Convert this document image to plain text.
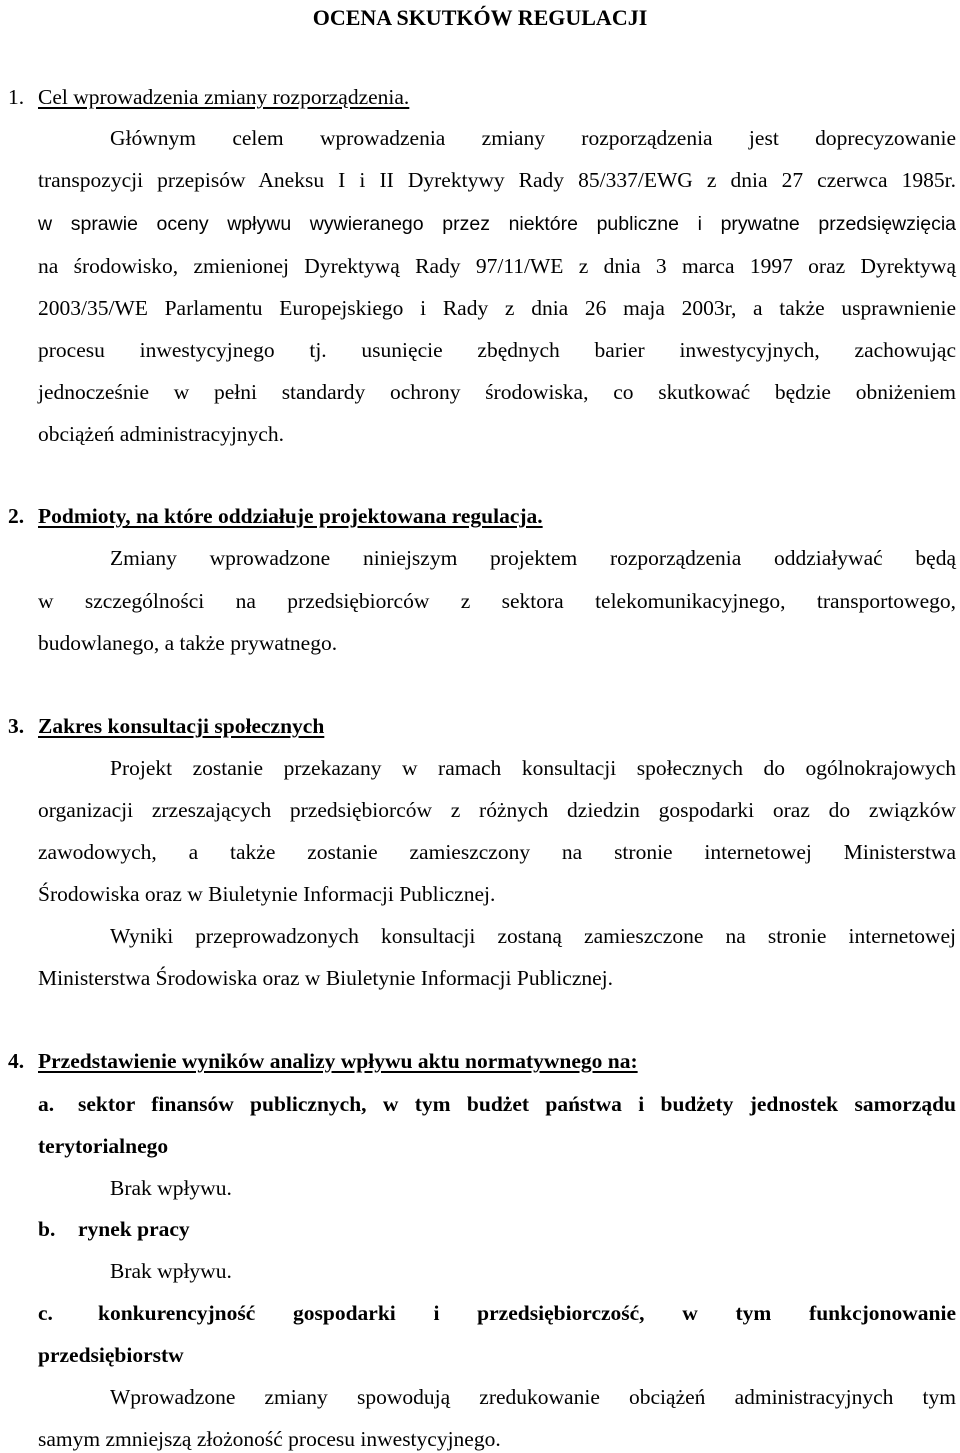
OCENA SKUTKÓW REGULACJI
1. Cel wprowadzenia zmiany rozporządzenia.
Głównym celem wprowadzenia zmiany rozporządzenia jest doprecyzowanie
transpozycji przepisów Aneksu I i II Dyrektywy Rady 85/337/EWG z dnia 27 czerwca 1985r.
w sprawie oceny wpływu wywieranego przez niektóre publiczne i prywatne przedsięwzięcia
na środowisko, zmienionej Dyrektywą Rady 97/11/WE z dnia 3 marca 1997 oraz Dyrektywą
2003/35/WE Parlamentu Europejskiego i Rady z dnia 26 maja 2003r, a także usprawnienie
procesu inwestycyjnego tj. usunięcie zbędnych barier inwestycyjnych, zachowując
jednocześnie w pełni standardy ochrony środowiska, co skutkować będzie obniżeniem
obciążeń administracyjnych.
2. Podmioty, na które oddziałuje projektowana regulacja.
Zmiany wprowadzone niniejszym projektem rozporządzenia oddziaływać będą
w szczególności na przedsiębiorców z sektora telekomunikacyjnego, transportowego,
budowlanego, a także prywatnego.
3. Zakres konsultacji społecznych
Projekt zostanie przekazany w ramach konsultacji społecznych do ogólnokrajowych
organizacji zrzeszających przedsiębiorców z różnych dziedzin gospodarki oraz do związków
zawodowych, a także zostanie zamieszczony na stronie internetowej Ministerstwa
Środowiska oraz w Biuletynie Informacji Publicznej.
Wyniki przeprowadzonych konsultacji zostaną zamieszczone na stronie internetowej
Ministerstwa Środowiska oraz w Biuletynie Informacji Publicznej.
4. Przedstawienie wyników analizy wpływu aktu normatywnego na:
a. sektor finansów publicznych, w tym budżet państwa i budżety jednostek samorządu
terytorialnego
Brak wpływu.
b. rynek pracy
Brak wpływu.
c. konkurencyjność gospodarki i przedsiębiorczość, w tym funkcjonowanie
przedsiębiorstw
Wprowadzone zmiany spowodują zredukowanie obciążeń administracyjnych tym
samym zmniejszą złożoność procesu inwestycyjnego.
